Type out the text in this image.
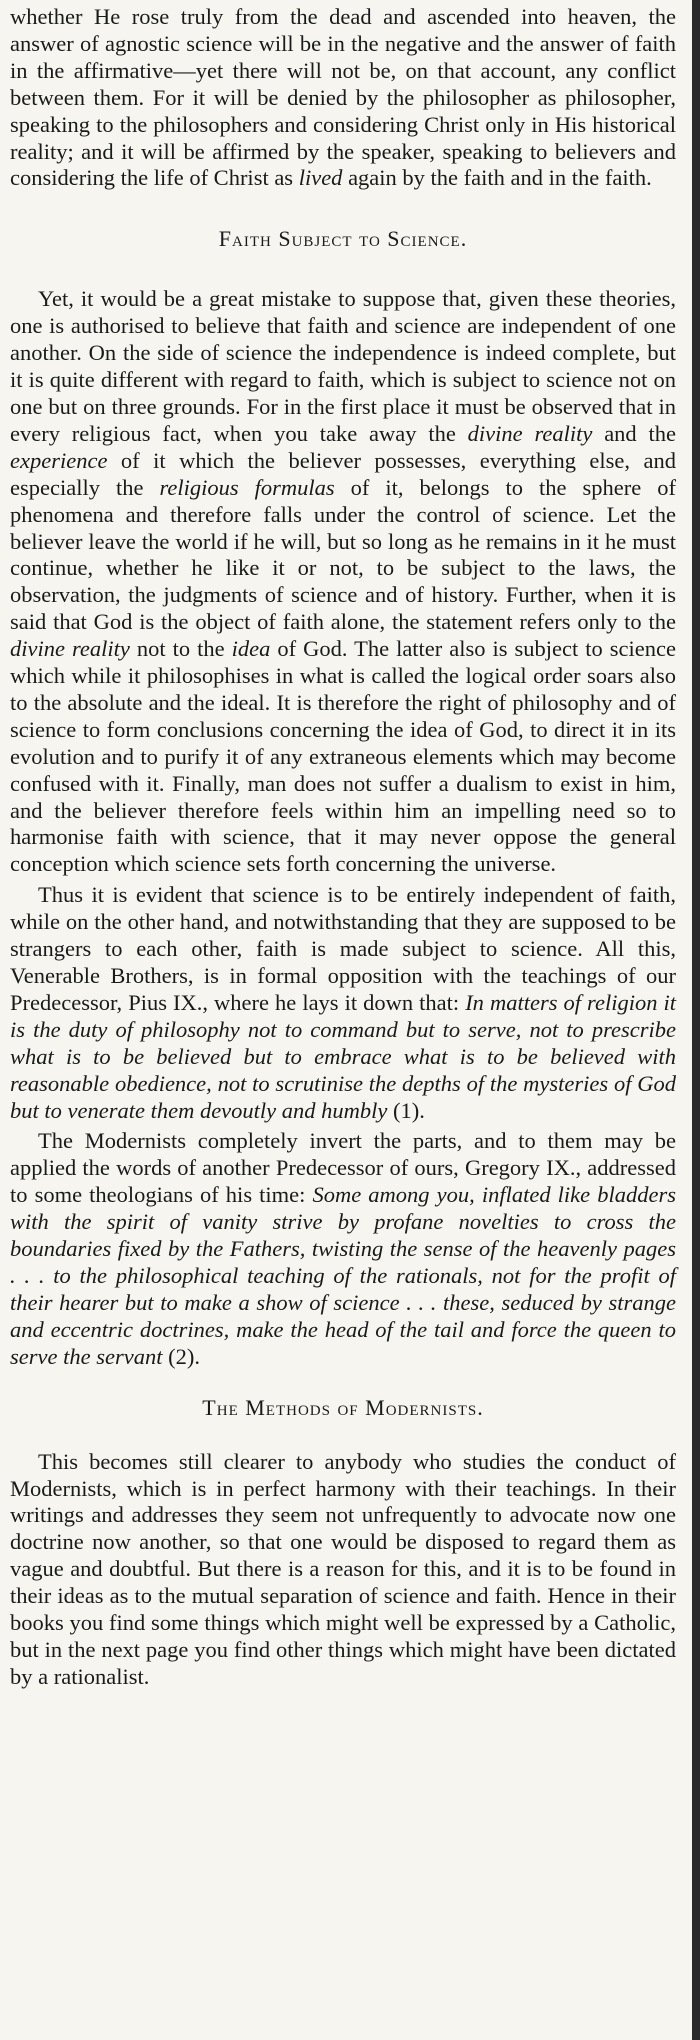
whether He rose truly from the dead and ascended into heaven, the answer of agnostic science will be in the negative and the answer of faith in the affirmative—yet there will not be, on that account, any conflict between them. For it will be denied by the philosopher as philosopher, speaking to the philosophers and considering Christ only in His historical reality; and it will be affirmed by the speaker, speaking to believers and considering the life of Christ as lived again by the faith and in the faith.

Faith Subject to Science.

Yet, it would be a great mistake to suppose that, given these theories, one is authorised to believe that faith and science are independent of one another. On the side of science the independence is indeed complete, but it is quite different with regard to faith, which is subject to science not on one but on three grounds. For in the first place it must be observed that in every religious fact, when you take away the divine reality and the experience of it which the believer possesses, everything else, and especially the religious formulas of it, belongs to the sphere of phenomena and therefore falls under the control of science. Let the believer leave the world if he will, but so long as he remains in it he must continue, whether he like it or not, to be subject to the laws, the observation, the judgments of science and of history. Further, when it is said that God is the object of faith alone, the statement refers only to the divine reality not to the idea of God. The latter also is subject to science which while it philosophises in what is called the logical order soars also to the absolute and the ideal. It is therefore the right of philosophy and of science to form conclusions concerning the idea of God, to direct it in its evolution and to purify it of any extraneous elements which may become confused with it. Finally, man does not suffer a dualism to exist in him, and the believer therefore feels within him an impelling need so to harmonise faith with science, that it may never oppose the general conception which science sets forth concerning the universe.

Thus it is evident that science is to be entirely independent of faith, while on the other hand, and notwithstanding that they are supposed to be strangers to each other, faith is made subject to science. All this, Venerable Brothers, is in formal opposition with the teachings of our Predecessor, Pius IX., where he lays it down that: In matters of religion it is the duty of philosophy not to command but to serve, not to prescribe what is to be believed but to embrace what is to be believed with reasonable obedience, not to scrutinise the depths of the mysteries of God but to venerate them devoutly and humbly (1).

The Modernists completely invert the parts, and to them may be applied the words of another Predecessor of ours, Gregory IX., addressed to some theologians of his time: Some among you, inflated like bladders with the spirit of vanity strive by profane novelties to cross the boundaries fixed by the Fathers, twisting the sense of the heavenly pages . . . to the philosophical teaching of the rationals, not for the profit of their hearer but to make a show of science . . . these, seduced by strange and eccentric doctrines, make the head of the tail and force the queen to serve the servant (2).

The Methods of Modernists.

This becomes still clearer to anybody who studies the conduct of Modernists, which is in perfect harmony with their teachings. In their writings and addresses they seem not unfrequently to advocate now one doctrine now another, so that one would be disposed to regard them as vague and doubtful. But there is a reason for this, and it is to be found in their ideas as to the mutual separation of science and faith. Hence in their books you find some things which might well be expressed by a Catholic, but in the next page you find other things which might have been dictated by a rationalist.
